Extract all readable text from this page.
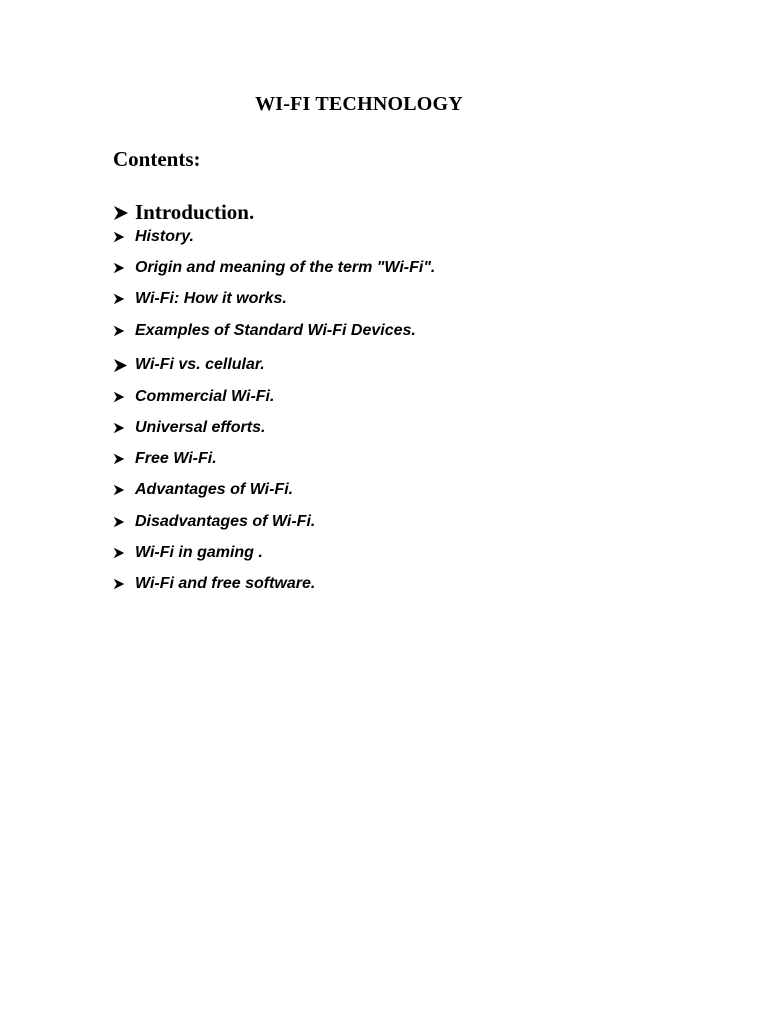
WI-FI TECHNOLOGY
Contents:
Introduction.
History.
Origin and meaning of the term "Wi-Fi".
Wi-Fi: How it works.
Examples of Standard Wi-Fi Devices.
Wi-Fi vs. cellular.
Commercial Wi-Fi.
Universal efforts.
Free Wi-Fi.
Advantages of Wi-Fi.
Disadvantages of Wi-Fi.
Wi-Fi in gaming .
Wi-Fi and free software.
